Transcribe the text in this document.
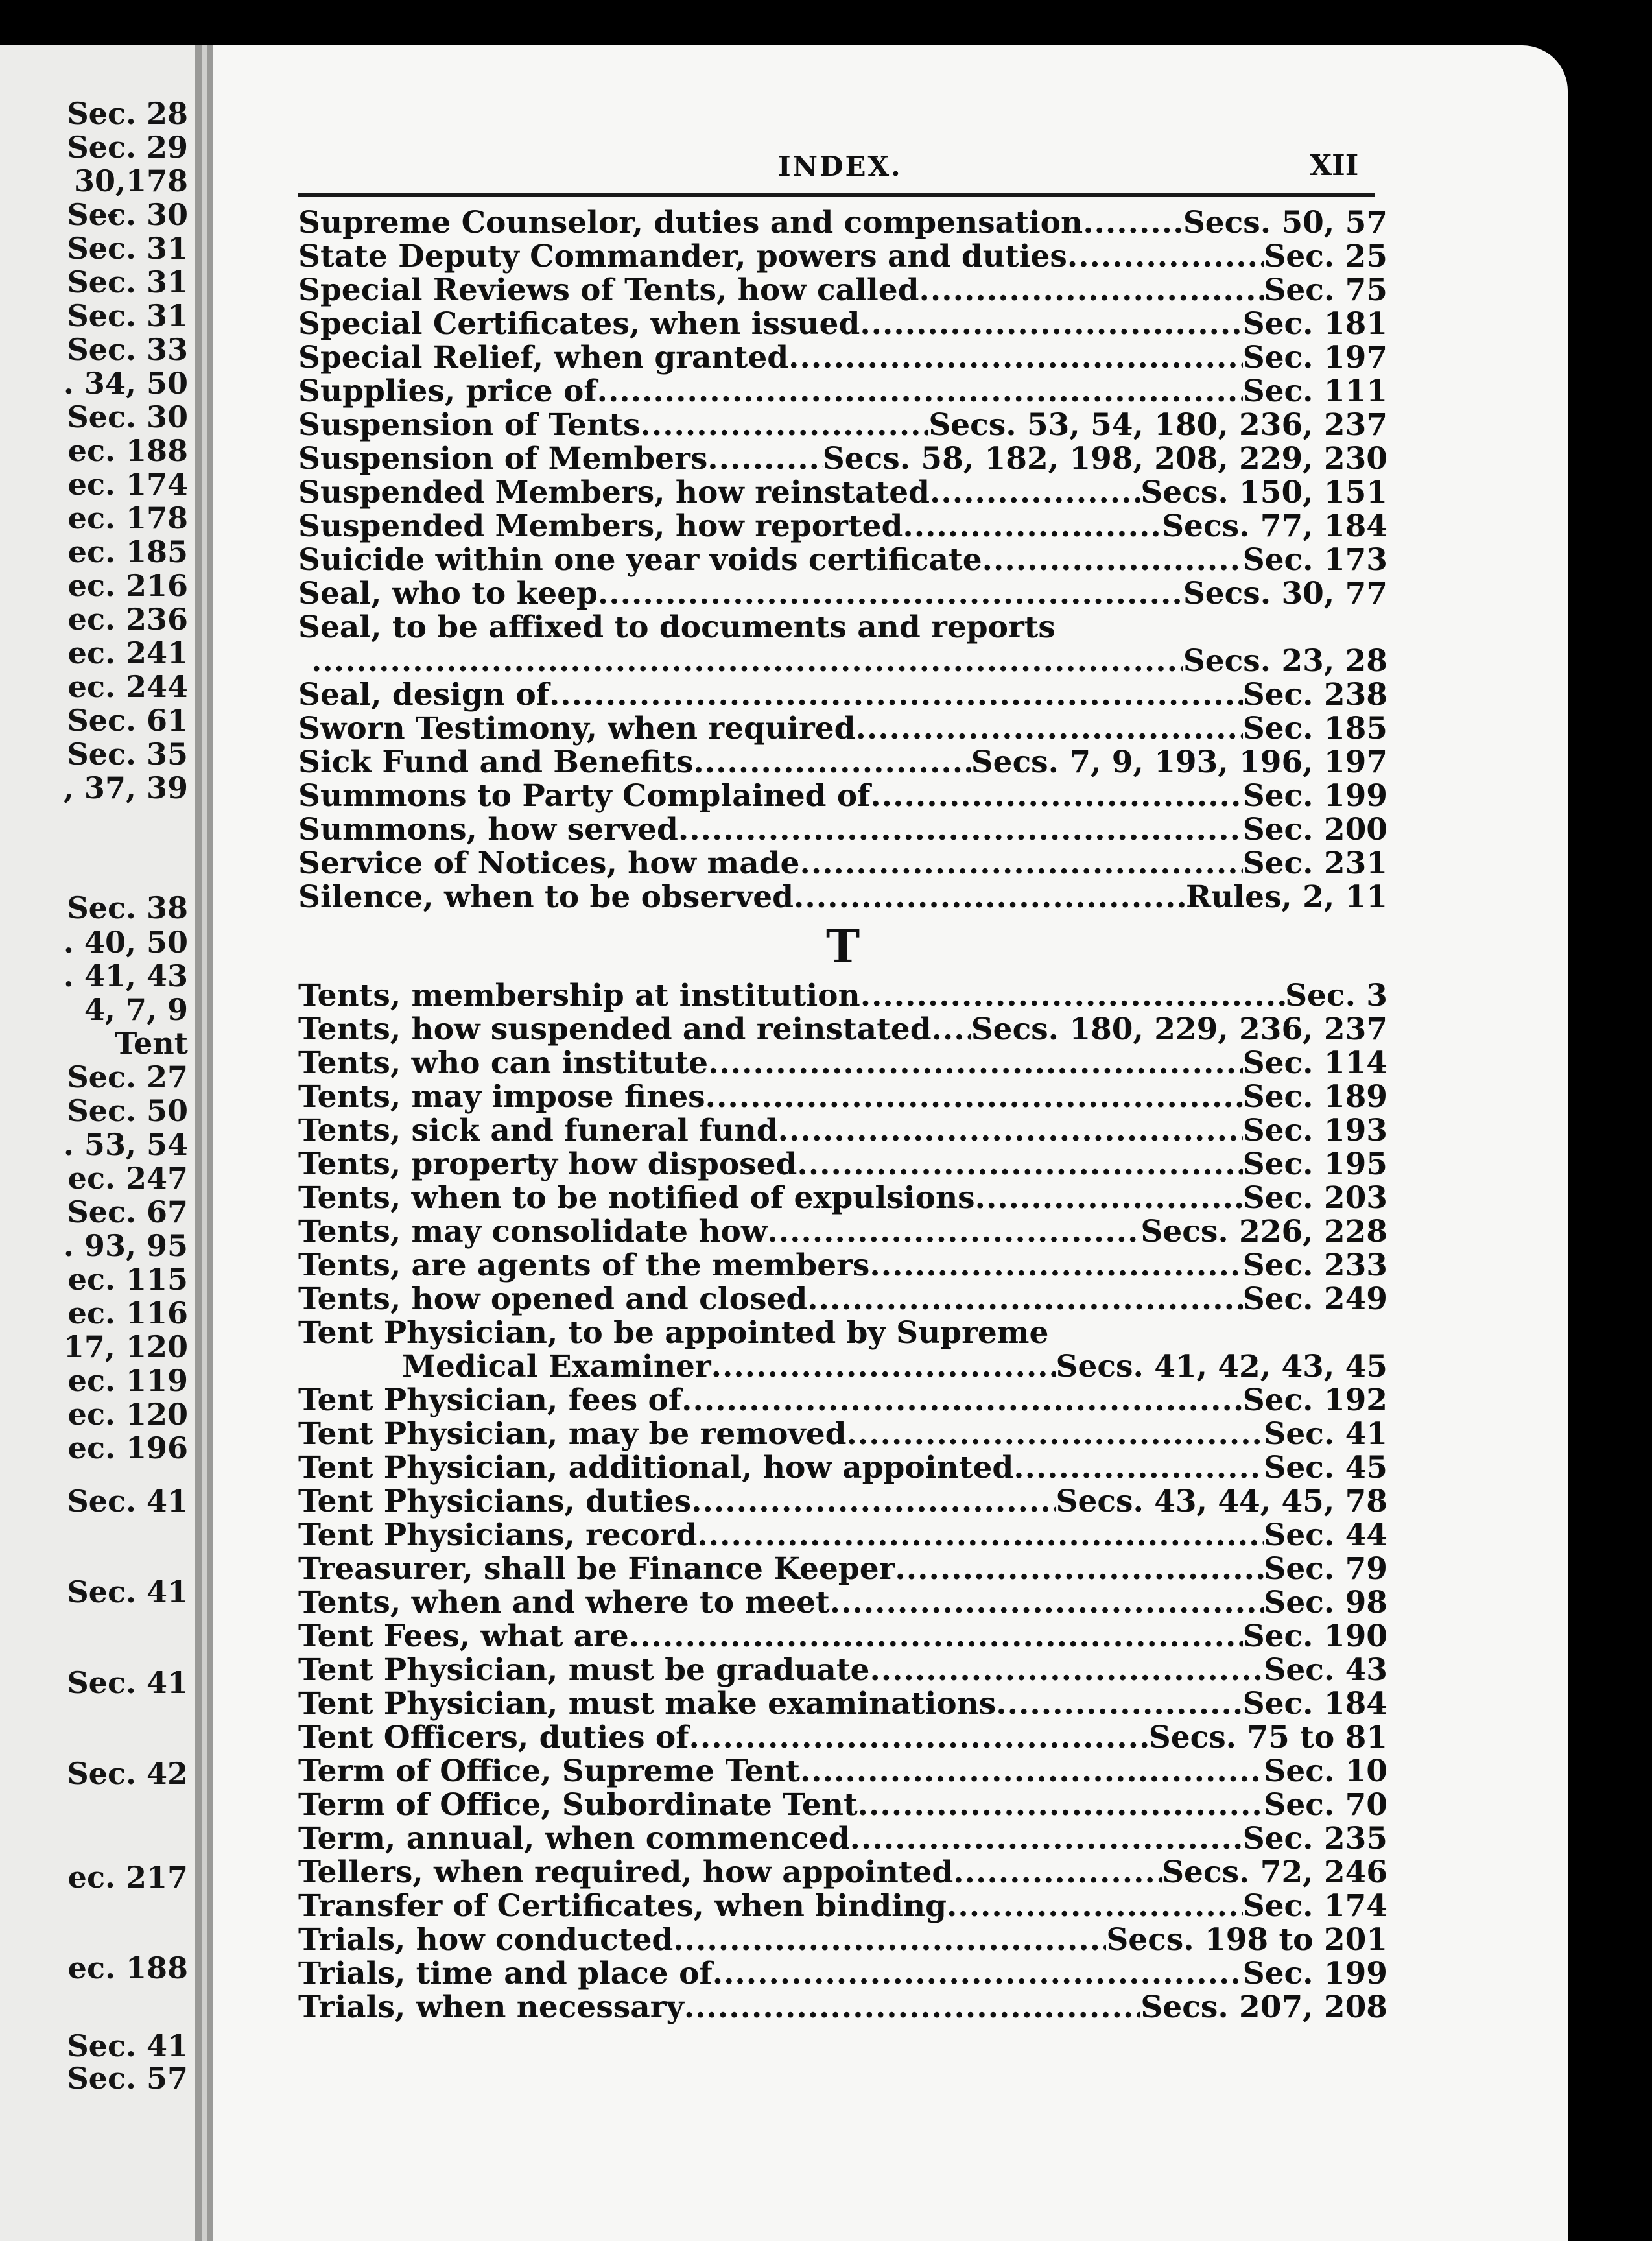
Sec. 28
Sec. 29
30,178
Sec. 30
Sec. 31
Sec. 31
Sec. 31
Sec. 33
. 34, 50
Sec. 30
ec. 188
ec. 174
ec. 178
ec. 185
ec. 216
ec. 236
ec. 241
ec. 244
Sec. 61
Sec. 35
, 37, 39
Sec. 38
. 40, 50
. 41, 43
4, 7, 9
Tent
Sec. 27
Sec. 50
. 53, 54
ec. 247
Sec. 67
. 93, 95
ec. 115
ec. 116
17, 120
ec. 119
ec. 120
ec. 196
Sec. 41
Sec. 41
Sec. 41
Sec. 42
ec. 217
ec. 188
Sec. 41
Sec. 57
INDEX.	XII
Supreme Counselor, duties and compensation .....	Secs. 50, 57
State Deputy Commander, powers and duties .....	Sec. 25
Special Reviews of Tents, how called .....	Sec. 75
Special Certificates, when issued .....	Sec. 181
Special Relief, when granted .....	Sec. 197
Supplies, price of .....	Sec. 111
Suspension of Tents .....	Secs. 53, 54, 180, 236, 237
Suspension of Members .....	Secs. 58, 182, 198, 208, 229, 230
Suspended Members, how reinstated .....	Secs. 150, 151
Suspended Members, how reported .....	Secs. 77, 184
Suicide within one year voids certificate .....	Sec. 173
Seal, who to keep .....	Secs. 30, 77
Seal, to be affixed to documents and reports
.....
Secs. 23, 28
Seal, design of .....	Sec. 238
Sworn Testimony, when required .....	Sec. 185
Sick Fund and Benefits .....	Secs. 7, 9, 193, 196, 197
Summons to Party Complained of .....	Sec. 199
Summons, how served .....	Sec. 200
Service of Notices, how made .....	Sec. 231
Silence, when to be observed .....	Rules, 2, 11
T
Tents, membership at institution .....	Sec. 3
Tents, how suspended and reinstated ..... Secs. 180, 229, 236, 237
Tents, who can institute .....	Sec. 114
Tents, may impose fines .....	Sec. 189
Tents, sick and funeral fund .....	Sec. 193
Tents, property how disposed .....	Sec. 195
Tents, when to be notified of expulsions .....	Sec. 203
Tents, may consolidate how .....	Secs. 226, 228
Tents, are agents of the members .....	Sec. 233
Tents, how opened and closed .....	Sec. 249
Tent Physician, to be appointed by Supreme
Medical Examiner .....	Secs. 41, 42, 43, 45
Tent Physician, fees of .....	Sec. 192
Tent Physician, may be removed .....	Sec. 41
Tent Physician, additional, how appointed .....	Sec. 45
Tent Physicians, duties .....	Secs. 43, 44, 45, 78
Tent Physicians, record .....	Sec. 44
Treasurer, shall be Finance Keeper .....	Sec. 79
Tents, when and where to meet .....	Sec. 98
Tent Fees, what are .....	Sec. 190
Tent Physician, must be graduate .....	Sec. 43
Tent Physician, must make examinations .....	Sec. 184
Tent Officers, duties of .....	Secs. 75 to 81
Term of Office, Supreme Tent .....	Sec. 10
Term of Office, Subordinate Tent .....	Sec. 70
Term, annual, when commenced .....	Sec. 235
Tellers, when required, how appointed .....	Secs. 72, 246
Transfer of Certificates, when binding .....	Sec. 174
Trials, how conducted .....	Secs. 198 to 201
Trials, time and place of .....	Sec. 199
Trials, when necessary .....	Secs. 207, 208
